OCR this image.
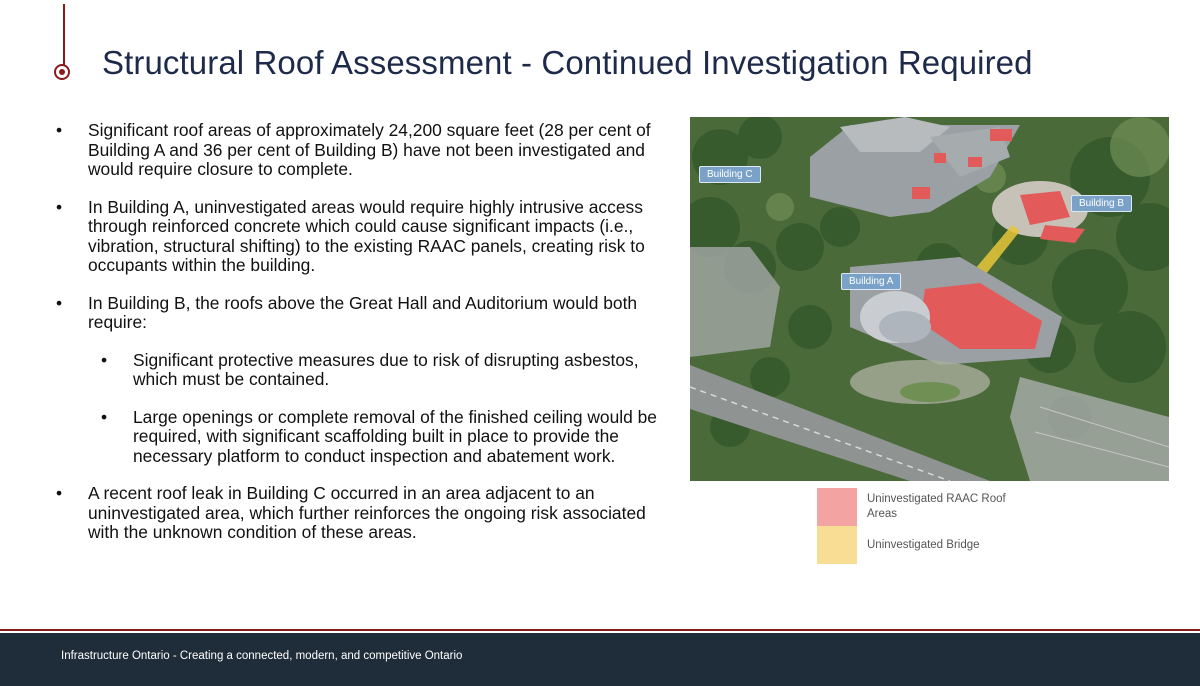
Structural Roof Assessment - Continued Investigation Required
• Significant roof areas of approximately 24,200 square feet (28 per cent of Building A and 36 per cent of Building B) have not been investigated and would require closure to complete.
• In Building A, uninvestigated areas would require highly intrusive access through reinforced concrete which could cause significant impacts (i.e., vibration, structural shifting) to the existing RAAC panels, creating risk to occupants within the building.
• In Building B, the roofs above the Great Hall and Auditorium would both require:
• Significant protective measures due to risk of disrupting asbestos, which must be contained.
• Large openings or complete removal of the finished ceiling would be required, with significant scaffolding built in place to provide the necessary platform to conduct inspection and abatement work.
• A recent roof leak in Building C occurred in an area adjacent to an uninvestigated area, which further reinforces the ongoing risk associated with the unknown condition of these areas.
Building C
Building B
Building A
Uninvestigated RAAC Roof Areas
Uninvestigated Bridge
Infrastructure Ontario - Creating a connected, modern, and competitive Ontario
